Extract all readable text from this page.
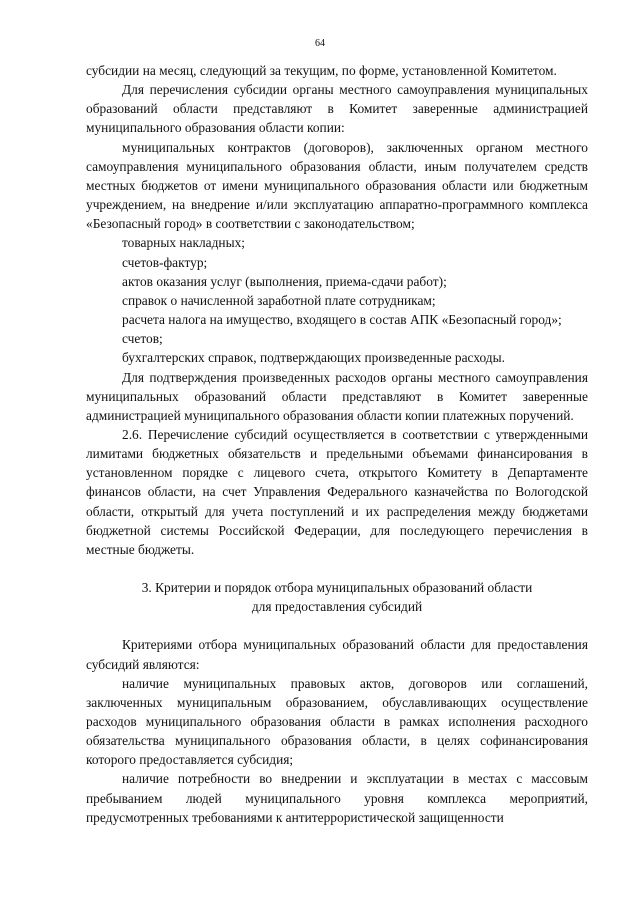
64

субсидии на месяц, следующий за текущим, по форме, установленной Комитетом.

Для перечисления субсидии органы местного самоуправления муниципальных образований области представляют в Комитет заверенные администрацией муниципального образования области копии:

муниципальных контрактов (договоров), заключенных органом местного самоуправления муниципального образования области, иным получателем средств местных бюджетов от имени муниципального образования области или бюджетным учреждением, на внедрение и/или эксплуатацию аппаратно-программного комплекса «Безопасный город» в соответствии с законодательством;

товарных накладных;

счетов-фактур;

актов оказания услуг (выполнения, приема-сдачи работ);

справок о начисленной заработной плате сотрудникам;

расчета налога на имущество, входящего в состав АПК «Безопасный город»;

счетов;

бухгалтерских справок, подтверждающих произведенные расходы.

Для подтверждения произведенных расходов органы местного самоуправления муниципальных образований области представляют в Комитет заверенные администрацией муниципального образования области копии платежных поручений.

2.6. Перечисление субсидий осуществляется в соответствии с утвержденными лимитами бюджетных обязательств и предельными объемами финансирования в установленном порядке с лицевого счета, открытого Комитету в Департаменте финансов области, на счет Управления Федерального казначейства по Вологодской области, открытый для учета поступлений и их распределения между бюджетами бюджетной системы Российской Федерации, для последующего перечисления в местные бюджеты.

3. Критерии и порядок отбора муниципальных образований области
для предоставления субсидий

Критериями отбора муниципальных образований области для предоставления субсидий являются:

наличие муниципальных правовых актов, договоров или соглашений, заключенных муниципальным образованием, обуславливающих осуществление расходов муниципального образования области в рамках исполнения расходного обязательства муниципального образования области, в целях софинансирования которого предоставляется субсидия;

наличие потребности во внедрении и эксплуатации в местах с массовым пребыванием людей муниципального уровня комплекса мероприятий, предусмотренных требованиями к антитеррористической защищенности
